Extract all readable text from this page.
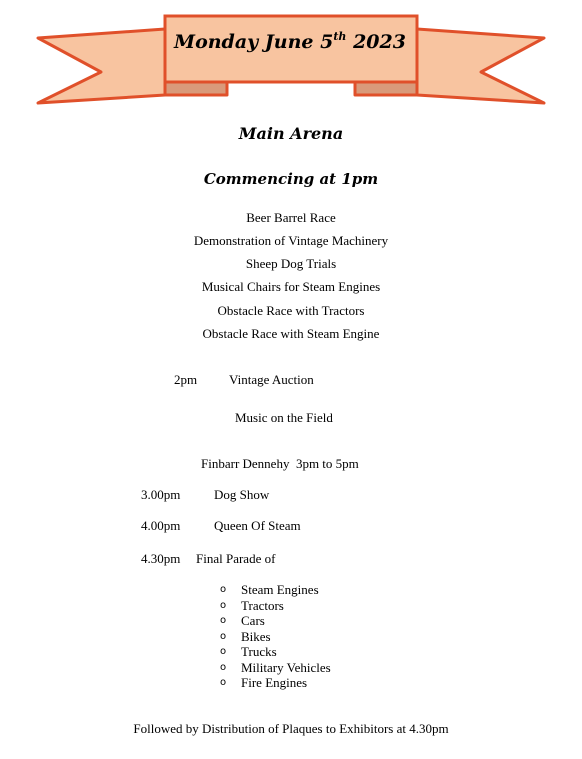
Monday June 5th 2023
Main Arena
Commencing at 1pm
Beer Barrel Race
Demonstration of Vintage Machinery
Sheep Dog Trials
Musical Chairs for Steam Engines
Obstacle Race with Tractors
Obstacle Race with Steam Engine
2pm Vintage Auction
Music on the Field
Finbarr Dennehy  3pm to 5pm
3.00pm	Dog Show
4.00pm	Queen Of Steam
4.30pm Final Parade of
o Steam Engines
o Tractors
o Cars
o Bikes
o Trucks
o Military Vehicles
o Fire Engines
Followed by Distribution of Plaques to Exhibitors at 4.30pm
